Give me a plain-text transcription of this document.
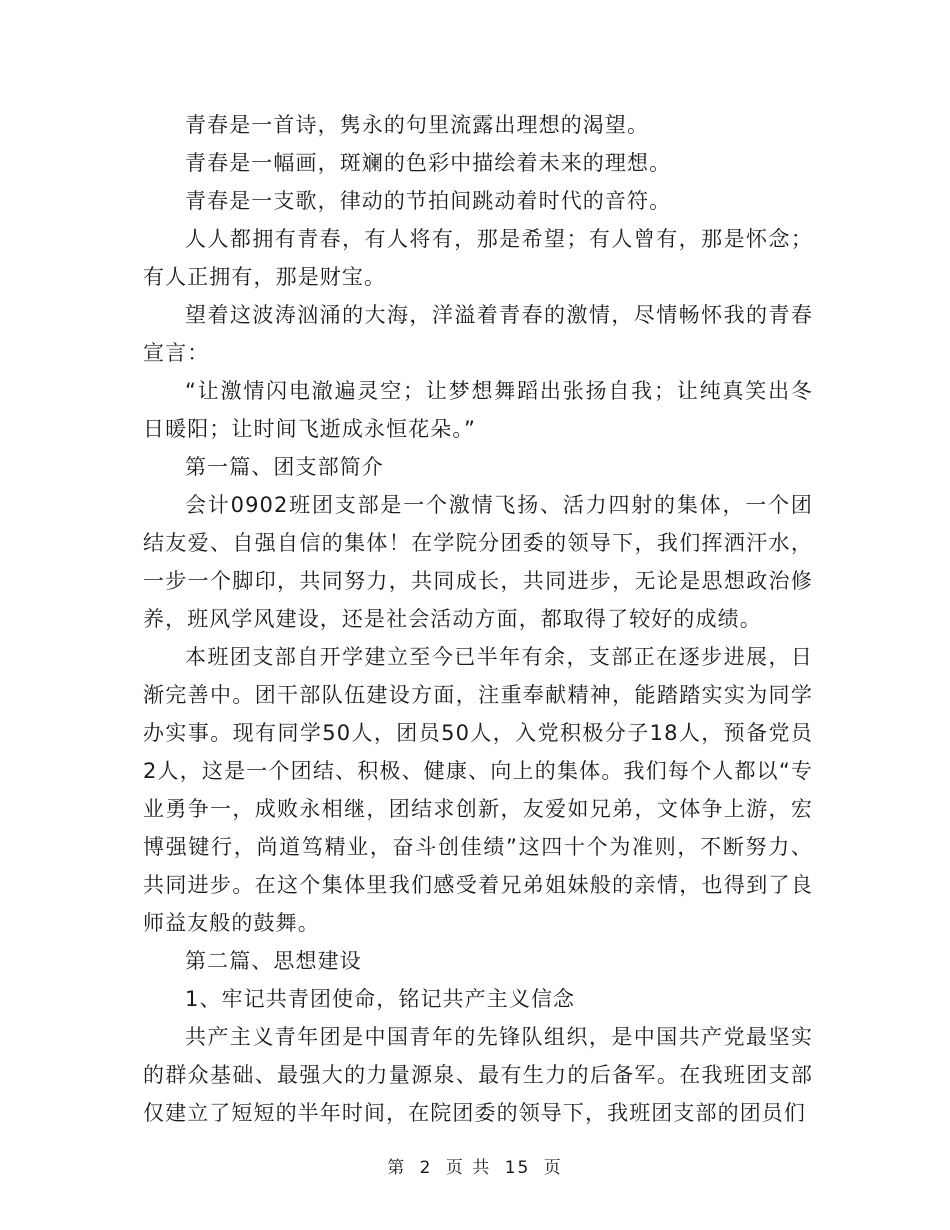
青春是一首诗，隽永的句里流露出理想的渴望。

青春是一幅画，斑斓的色彩中描绘着未来的理想。

青春是一支歌，律动的节拍间跳动着时代的音符。

人人都拥有青春，有人将有，那是希望；有人曾有，那是怀念；有人正拥有，那是财宝。

望着这波涛汹涌的大海，洋溢着青春的激情，尽情畅怀我的青春宣言：

“让激情闪电澈遍灵空；让梦想舞蹈出张扬自我；让纯真笑出冬日暖阳；让时间飞逝成永恒花朵。”

第一篇、团支部简介

会计0902班团支部是一个激情飞扬、活力四射的集体，一个团结友爱、自强自信的集体！在学院分团委的领导下，我们挥洒汗水，一步一个脚印，共同努力，共同成长，共同进步，无论是思想政治修养，班风学风建设，还是社会活动方面，都取得了较好的成绩。

本班团支部自开学建立至今已半年有余，支部正在逐步进展，日渐完善中。团干部队伍建设方面，注重奉献精神，能踏踏实实为同学办实事。现有同学50人，团员50人，入党积极分子18人，预备党员2人，这是一个团结、积极、健康、向上的集体。我们每个人都以“专业勇争一，成败永相继，团结求创新，友爱如兄弟，文体争上游，宏博强键行，尚道笃精业，奋斗创佳绩”这四十个为准则，不断努力、共同进步。在这个集体里我们感受着兄弟姐妹般的亲情，也得到了良师益友般的鼓舞。

第二篇、思想建设

1、牢记共青团使命，铭记共产主义信念

共产主义青年团是中国青年的先锋队组织，是中国共产党最坚实的群众基础、最强大的力量源泉、最有生力的后备军。在我班团支部仅建立了短短的半年时间，在院团委的领导下，我班团支部的团员们

第 2 页 共 15 页
